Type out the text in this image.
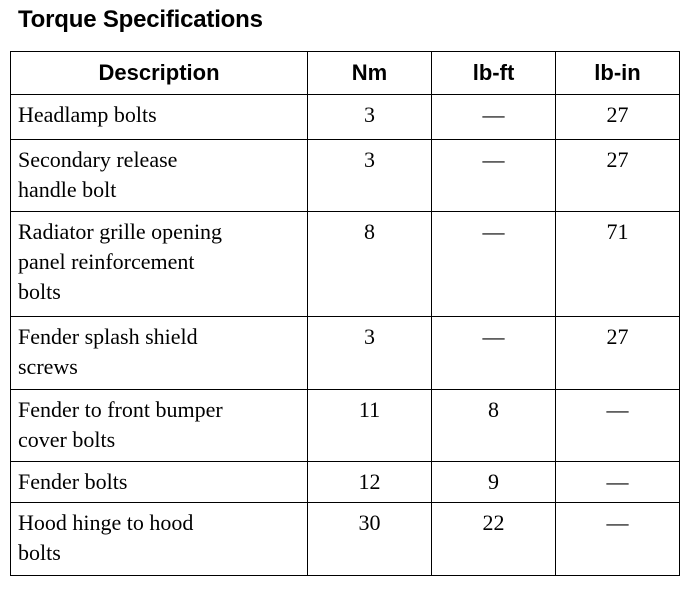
Torque Specifications
Description	Nm	lb-ft	lb-in
Headlamp bolts	3	—	27
Secondary release
handle bolt	3	—	27
Radiator grille opening
panel reinforcement
bolts	8	—	71
Fender splash shield
screws	3	—	27
Fender to front bumper
cover bolts	11	8	—
Fender bolts	12	9	—
Hood hinge to hood
bolts	30	22	—
